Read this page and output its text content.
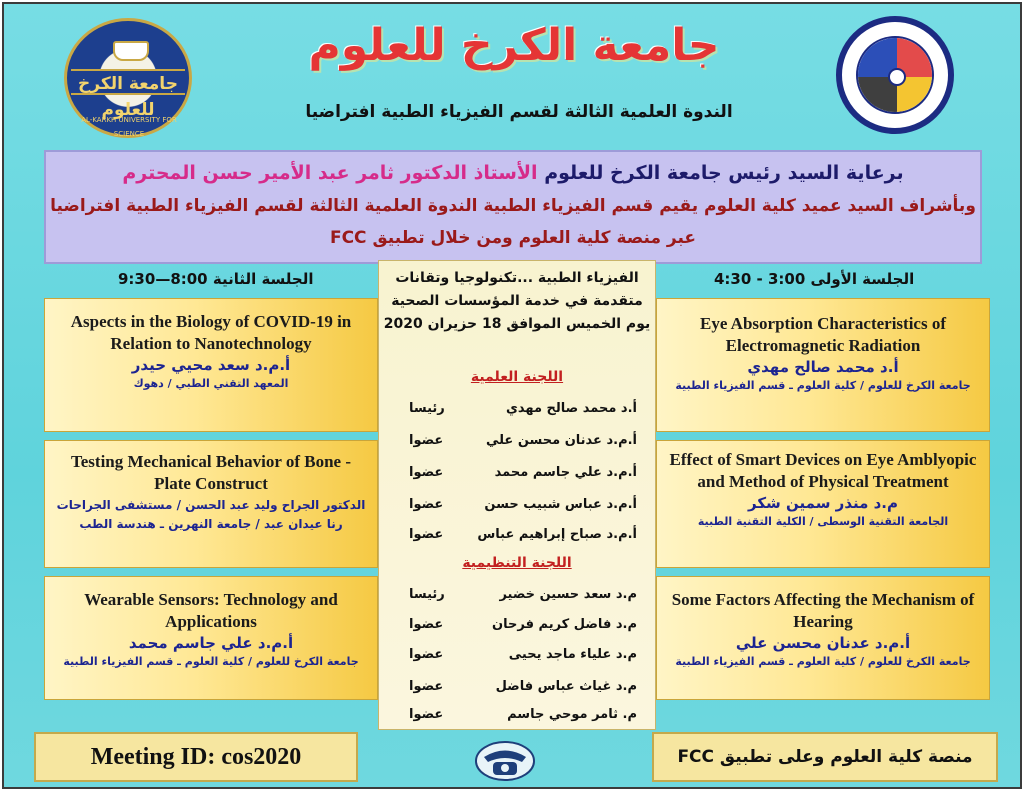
جامعة الكرخ للعلوم
AL-KARKH UNIVERSITY FOR SCIENCE
جامعة الكرخ للعلوم
الندوة العلمية الثالثة لقسم الفيزياء الطبية افتراضيا
برعاية السيد رئيس جامعة الكرخ للعلوم الأستاذ الدكتور ثامر عبد الأمير حسن المحترم
وبأشراف السيد عميد كلية العلوم يقيم قسم الفيزياء الطبية الندوة العلمية الثالثة لقسم الفيزياء الطبية افتراضيا
عبر منصة كلية العلوم ومن خلال تطبيق FCC
الجلسة الثانية 8:00—9:30	الجلسة الأولى 3:00 - 4:30
Aspects in the Biology of COVID-19 in Relation to Nanotechnology
أ.م.د سعد محيي حيدر
المعهد التقني الطبي / دهوك
Testing Mechanical Behavior of Bone -Plate Construct
الدكتور الجراح وليد عبد الحسن / مستشفى الجراحات
رنا عيدان عبد / جامعة النهرين ـ هندسة الطب
Wearable Sensors: Technology and Applications
أ.م.د علي جاسم محمد
جامعة الكرخ للعلوم / كلية العلوم ـ قسم الفيزياء الطبية
Eye Absorption Characteristics of Electromagnetic Radiation
أ.د محمد صالح مهدي
جامعة الكرخ للعلوم / كلية العلوم ـ قسم الفيزياء الطبية
Effect of Smart Devices on Eye Amblyopic and Method of Physical Treatment
م.د منذر سمين شكر
الجامعة التقنية الوسطى / الكلية التقنية الطبية
Some Factors Affecting the Mechanism of Hearing
أ.م.د عدنان محسن علي
جامعة الكرخ للعلوم / كلية العلوم ـ قسم الفيزياء الطبية
الفيزياء الطبية ...تكنولوجيا وتقانات
متقدمة في خدمة المؤسسات الصحية
يوم الخميس الموافق 18 حزيران 2020
اللجنة العلمية
أ.د محمد صالح مهدي
رئيسا
أ.م.د عدنان محسن علي
عضوا
أ.م.د علي جاسم محمد
عضوا
أ.م.د عباس شبيب حسن
عضوا
أ.م.د صباح إبراهيم عباس
عضوا
اللجنة التنظيمية
م.د سعد حسين خضير
رئيسا
م.د فاضل كريم فرحان
عضوا
م.د علياء ماجد يحيى
عضوا
م.د غياث عباس فاضل
عضوا
م. ثامر موحي جاسم
عضوا
Meeting ID: cos2020	منصة كلية العلوم وعلى تطبيق FCC
